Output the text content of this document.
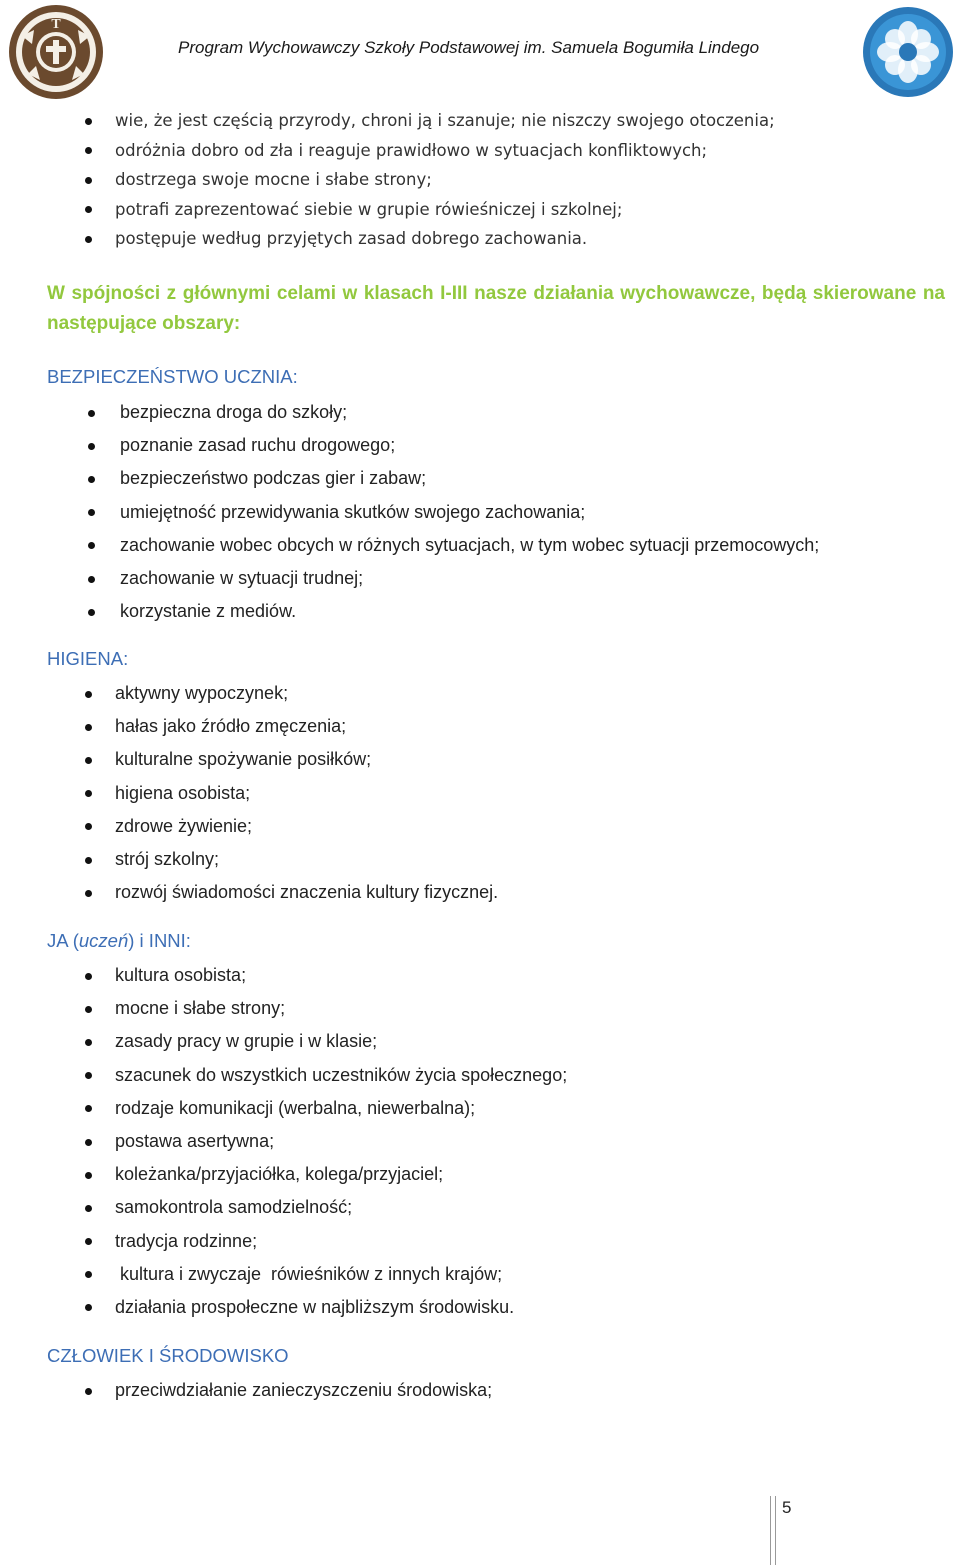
T
Program Wychowawczy Szkoły Podstawowej im. Samuela Bogumiła Lindego
wie, że jest częścią przyrody, chroni ją i szanuje; nie niszczy swojego otoczenia;
odróżnia dobro od zła i reaguje prawidłowo w sytuacjach konfliktowych;
dostrzega swoje mocne i słabe strony;
potrafi zaprezentować siebie w grupie rówieśniczej i szkolnej;
postępuje według przyjętych zasad dobrego zachowania.
W spójności z głównymi celami w klasach I-III nasze działania wychowawcze, będą skierowane na następujące obszary:
BEZPIECZEŃSTWO UCZNIA:
bezpieczna droga do szkoły;
poznanie zasad ruchu drogowego;
bezpieczeństwo podczas gier i zabaw;
umiejętność przewidywania skutków swojego zachowania;
zachowanie wobec obcych w różnych sytuacjach, w tym wobec sytuacji przemocowych;
zachowanie w sytuacji trudnej;
korzystanie z mediów.
HIGIENA:
aktywny wypoczynek;
hałas jako źródło zmęczenia;
kulturalne spożywanie posiłków;
higiena osobista;
zdrowe żywienie;
strój szkolny;
rozwój świadomości znaczenia kultury fizycznej.
JA (uczeń) i INNI:
kultura osobista;
mocne i słabe strony;
zasady pracy w grupie i w klasie;
szacunek do wszystkich uczestników życia społecznego;
rodzaje komunikacji (werbalna, niewerbalna);
postawa asertywna;
koleżanka/przyjaciółka, kolega/przyjaciel;
samokontrola samodzielność;
tradycja rodzinne;
kultura i zwyczaje  rówieśników z innych krajów;
działania prospołeczne w najbliższym środowisku.
CZŁOWIEK I ŚRODOWISKO
przeciwdziałanie zanieczyszczeniu środowiska;
5
